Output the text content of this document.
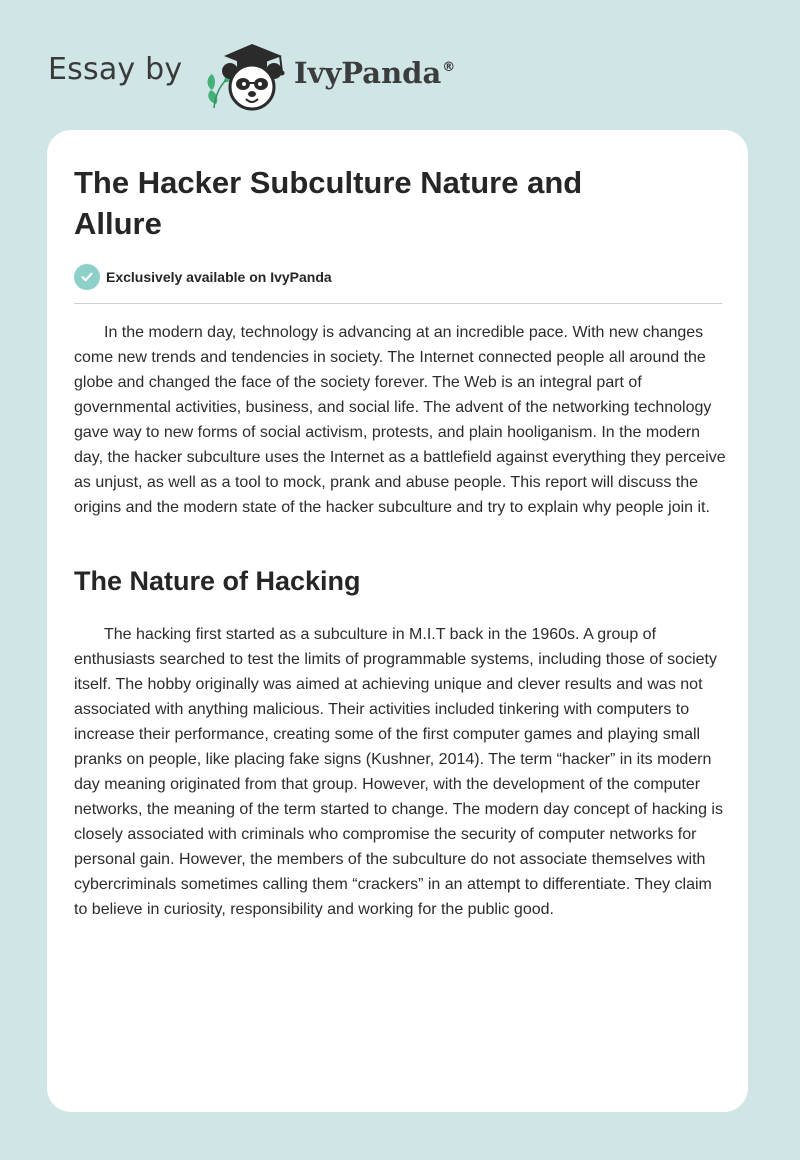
Essay by	IvyPanda®
The Hacker Subculture Nature and Allure
Exclusively available on IvyPanda

In the modern day, technology is advancing at an incredible pace. With new changes come new trends and tendencies in society. The Internet connected people all around the globe and changed the face of the society forever. The Web is an integral part of governmental activities, business, and social life. The advent of the networking technology gave way to new forms of social activism, protests, and plain hooliganism. In the modern day, the hacker subculture uses the Internet as a battlefield against everything they perceive as unjust, as well as a tool to mock, prank and abuse people. This report will discuss the origins and the modern state of the hacker subculture and try to explain why people join it.

The Nature of Hacking

The hacking first started as a subculture in M.I.T back in the 1960s. A group of enthusiasts searched to test the limits of programmable systems, including those of society itself. The hobby originally was aimed at achieving unique and clever results and was not associated with anything malicious. Their activities included tinkering with computers to increase their performance, creating some of the first computer games and playing small pranks on people, like placing fake signs (Kushner, 2014). The term “hacker” in its modern day meaning originated from that group. However, with the development of the computer networks, the meaning of the term started to change. The modern day concept of hacking is closely associated with criminals who compromise the security of computer networks for personal gain. However, the members of the subculture do not associate themselves with cybercriminals sometimes calling them “crackers” in an attempt to differentiate. They claim to believe in curiosity, responsibility and working for the public good.
